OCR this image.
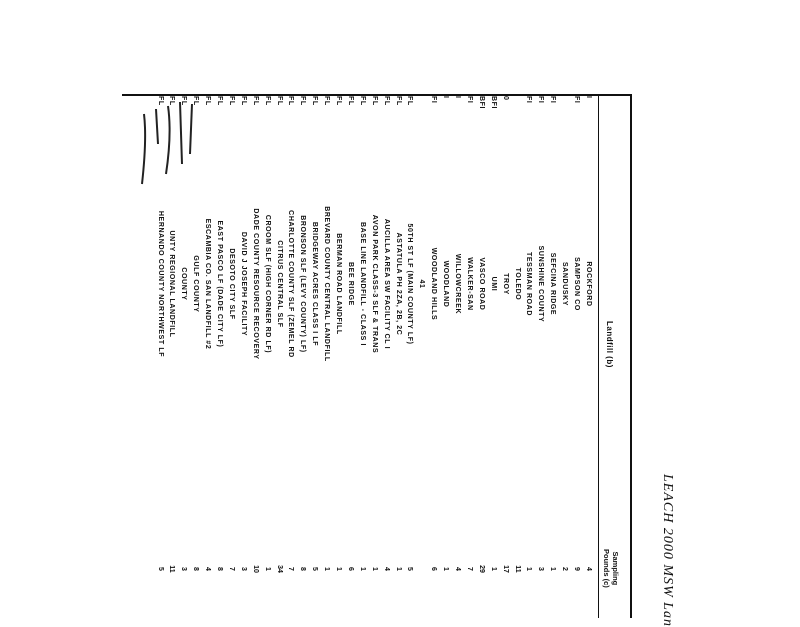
LEACH 2000 MSW Lan
Landfill (b)
Sampling
Pounds (c)
I
ROCKFORD
4
FI
SAMPSON CO
9
SANDUSKY
2
FI
SEFCINA RIDGE
1
FI
SUNSHINE COUNTY
3
FI
TESSMAN ROAD
1
TOLEDO
11
0
TROY
17
BFI
UMI
1
BFI
VASCO ROAD
29
FI
WALKER-SAN
7
I
WILLOWCREEK
4
I
WOODLAND
1
FI
WOODLAND HILLS
6
41
FL
50TH ST LF (MAIN COUNTY LF)
5
FL
ASTATULA PH 2ZA, 2B, 2C
1
FL
AUCILLA AREA SW FACILITY CL I
4
FL
AVON PARK CLASS-3 SLF & TRANS
1
FL
BASE LINE LANDFILL - CLASS I
1
FL
BEE RIDGE
6
FL
BERMAN ROAD LANDFILL
1
FL
BREVARD COUNTY CENTRAL LANDFILL
1
FL
BRIDGEWAY ACRES CLASS I LF
5
FL
BRONSON SLF (LEVY COUNTY) LF)
8
FL
CHARLOTTE COUNTY SLF (ZEMEL RD
7
FL
CITRUS CENTRAL SLF
34
FL
CROOM SLF (HIGH CORNER RD LF)
1
FL
DADE COUNTY RESOURCE RECOVERY
10
FL
DAVID J JOSEPH FACILITY
3
FL
DESOTO CITY SLF
7
FL
EAST PASCO LF (DADE CITY LF)
8
FL
ESCAMBIA CO. SAN LANDFILL #2
4
FL
GULF COUNTY
8
FL
COUNTY
3
FL
UNTY REGIONAL LANDFILL
11
FL
HERNANDO COUNTY NORTHWEST LF
5
